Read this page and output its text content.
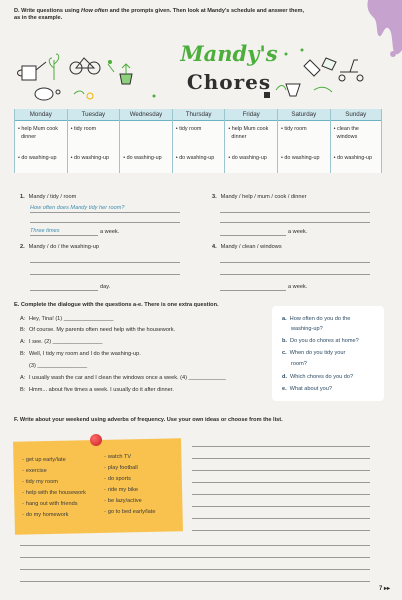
D. Write questions using How often and the prompts given. Then look at Mandy's schedule and answer them,
as in the example.
Mandy's
Chores
Monday
• help Mum cook
dinner
• do washing-up
Tuesday
• tidy room
• do washing-up
Wednesday
• do washing-up
Thursday
• tidy room
• do washing-up
Friday
• help Mum cook
dinner
• do washing-up
Saturday
• tidy room
• do washing-up
Sunday
• clean the
windows
• do washing-up
1. Mandy / tidy / room
How often does Mandy tidy her room?
Three times	a week.
2. Mandy / do / the washing-up
day.
3. Mandy / help / mum / cook / dinner
a week.
4. Mandy / clean / windows
a week.
E. Complete the dialogue with the questions a-e. There is one extra question.
A: Hey, Tina! (1) ________________
B: Of course. My parents often need help with the housework.
A: I see. (2) ________________
B: Well, I tidy my room and I do the washing-up.
(3) ________________
A: I usually wash the car and I clean the windows once a week. (4) ____________
B: Hmm... about five times a week. I usually do it after dinner.
a. How often do you do the
washing-up?
b. Do you do chores at home?
c. When do you tidy your
room?
d. Which chores do you do?
e. What about you?
F. Write about your weekend using adverbs of frequency. Use your own ideas or choose from the list.
- get up early/late
- exercise
- tidy my room
- help with the housework
- hang out with friends
- do my homework
- watch TV
- play football
- do sports
- ride my bike
- be lazy/active
- go to bed early/late
7 ▸▸
